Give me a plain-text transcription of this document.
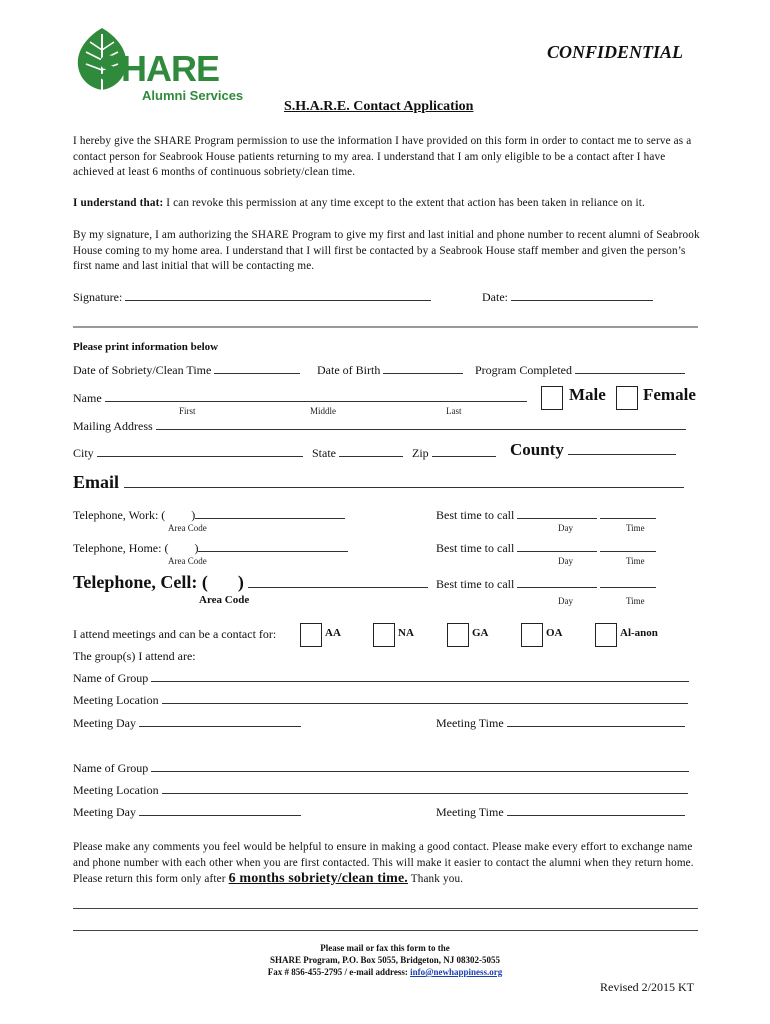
SHARE
Alumni Services
CONFIDENTIAL
S.H.A.R.E. Contact Application
I hereby give the SHARE Program permission to use the information I have provided on this form in order to contact me to serve as a contact person for Seabrook House patients returning to my area. I understand that I am only eligible to be a contact after I have achieved at least 6 months of continuous sobriety/clean time.
I understand that: I can revoke this permission at any time except to the extent that action has been taken in reliance on it.
By my signature, I am authorizing the SHARE Program to give my first and last initial and phone number to recent alumni of Seabrook House coming to my home area. I understand that I will first be contacted by a Seabrook House staff member and given the person’s first name and last initial that will be contacting me.
Signature:	Date:
Please print information below
Date of Sobriety/Clean Time	Date of Birth	Program Completed
Name	Male Female
First	Middle	Last
Mailing Address
City	State	Zip	County
Email
Telephone, Work: ( )
Area Code
Best time to call
Day	Time
Telephone, Home: ( )
Area Code
Best time to call
Day	Time
Telephone, Cell: ( )
Area Code
Best time to call
Day	Time
I attend meetings and can be a contact for:	AA	NA	GA	OA	Al-anon
The group(s) I attend are:
Name of Group
Meeting Location
Meeting Day	Meeting Time
Name of Group
Meeting Location
Meeting Day	Meeting Time
Please make any comments you feel would be helpful to ensure in making a good contact. Please make every effort to exchange name and phone number with each other when you are first contacted. This will make it easier to contact the alumni when they return home. Please return this form only after 6 months sobriety/clean time. Thank you.
Please mail or fax this form to the
SHARE Program, P.O. Box 5055, Bridgeton, NJ 08302-5055
Fax # 856-455-2795 / e-mail address: info@newhappiness.org
Revised 2/2015 KT
